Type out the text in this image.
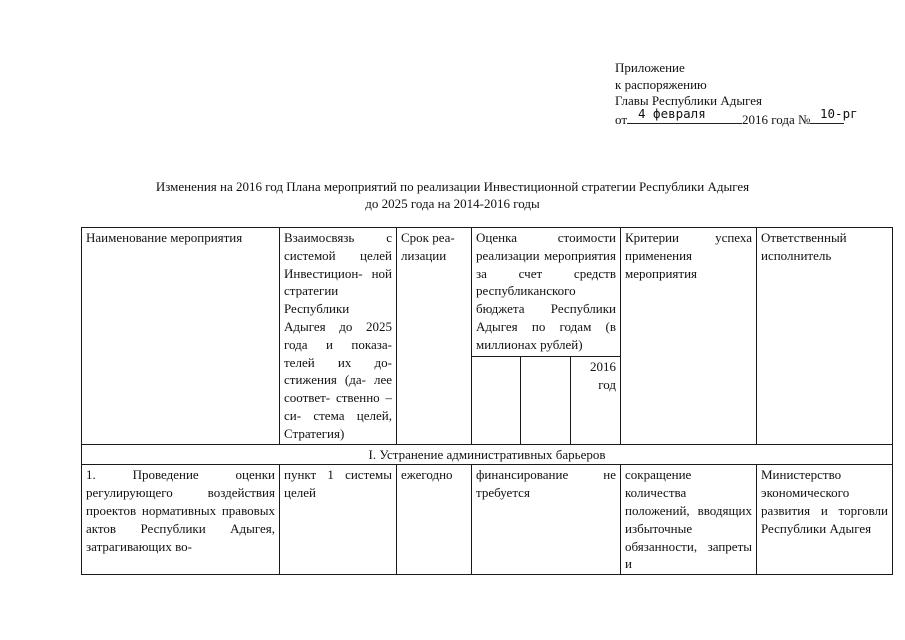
Приложение
к распоряжению
Главы Республики Адыгея
от	2016 года №
4 февраля	10-рг
Изменения на 2016 год Плана мероприятий по реализации Инвестиционной стратегии Республики Адыгея
до 2025 года на 2014-2016 годы
Наименование мероприятия	Взаимосвязь с системой целей Инвестицион- ной стратегии Республики Адыгея до 2025 года и показа- телей их до- стижения (да- лее соответ- ственно – си- стема целей, Стратегия)	Срок реа- лизации	Оценка стоимости реализации мероприятия за счет средств республиканского бюджета Республики Адыгея по годам (в миллионах рублей)			Критерии успеха применения мероприятия	Ответственный исполнитель
					2016 год		
I. Устранение административных барьеров							
1. Проведение оценки регулирующего воздействия проектов нормативных правовых актов Республики Адыгея, затрагивающих во-	пункт 1 системы целей	ежегодно	финансирование не требуется			сокращение количества положений, вводящих избыточные обязанности, запреты и	Министерство экономического развития и торговли Республики Адыгея
